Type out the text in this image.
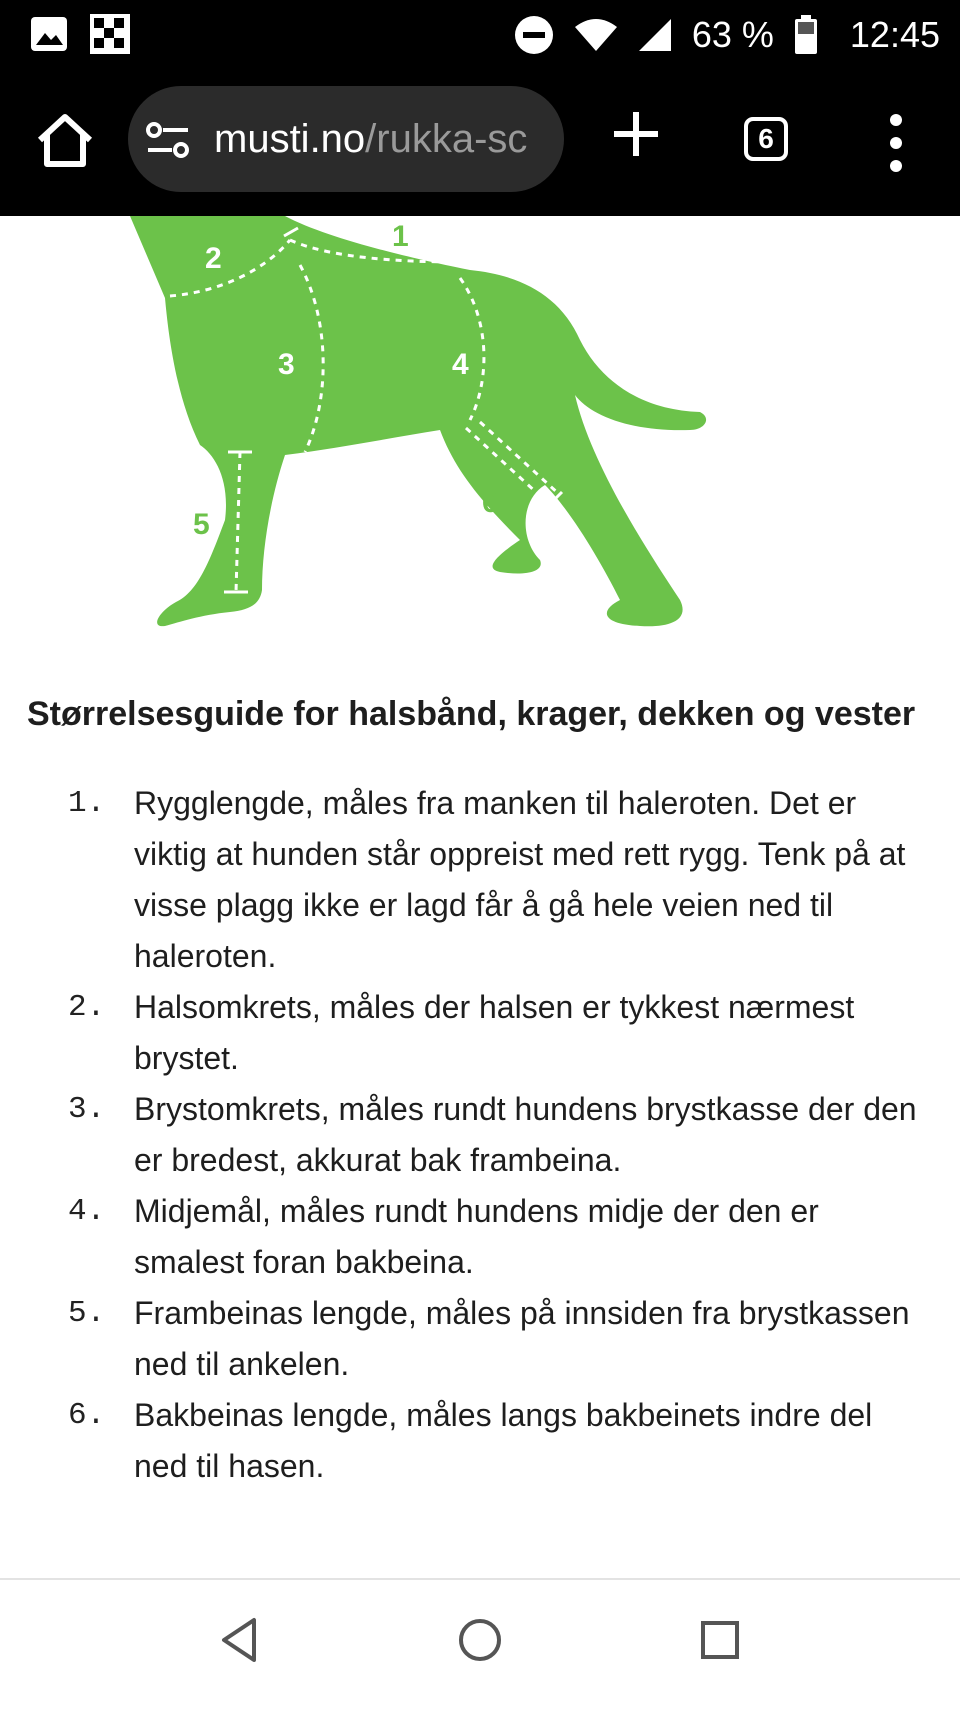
63 % 12:45
musti.no/rukka-sc	6
1
2
3	4
5
6
Størrelsesguide for halsbånd, krager, dekken og vester
1. Rygglengde, måles fra manken til haleroten. Det er viktig at hunden står oppreist med rett rygg. Tenk på at visse plagg ikke er lagd får å gå hele veien ned til haleroten.
2. Halsomkrets, måles der halsen er tykkest nærmest brystet.
3. Brystomkrets, måles rundt hundens brystkasse der den er bredest, akkurat bak frambeina.
4. Midjemål, måles rundt hundens midje der den er smalest foran bakbeina.
5. Frambeinas lengde, måles på innsiden fra brystkassen ned til ankelen.
6. Bakbeinas lengde, måles langs bakbeinets indre del ned til hasen.
